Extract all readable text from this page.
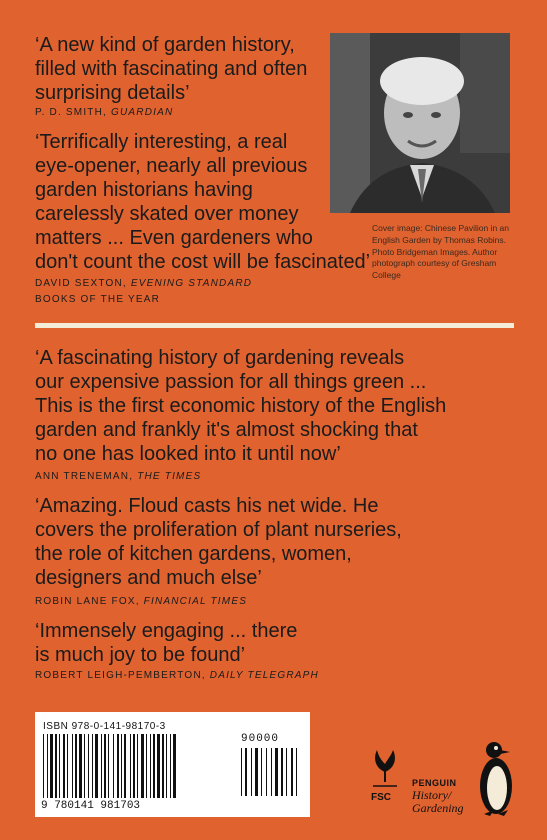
‘A new kind of garden history,
filled with fascinating and often
surprising details’
P. D. SMITH, GUARDIAN
‘Terrifically interesting, a real
eye-opener, nearly all previous
garden historians having
carelessly skated over money
matters ... Even gardeners who
don't count the cost will be fascinated’
DAVID SEXTON, EVENING STANDARD
BOOKS OF THE YEAR
Cover image: Chinese Pavilion in an English Garden by Thomas Robins. Photo Bridgeman Images. Author photograph courtesy of Gresham College
‘A fascinating history of gardening reveals
our expensive passion for all things green ...
This is the first economic history of the English
garden and frankly it's almost shocking that
no one has looked into it until now’
ANN TRENEMAN, THE TIMES
‘Amazing. Floud casts his net wide. He
covers the proliferation of plant nurseries,
the role of kitchen gardens, women,
designers and much else’
ROBIN LANE FOX, FINANCIAL TIMES
‘Immensely engaging ... there
is much joy to be found’
ROBERT LEIGH-PEMBERTON, DAILY TELEGRAPH
ISBN 978-0-141-98170-3
9 780141 981703
90000
FSC
PENGUIN
History/
Gardening
